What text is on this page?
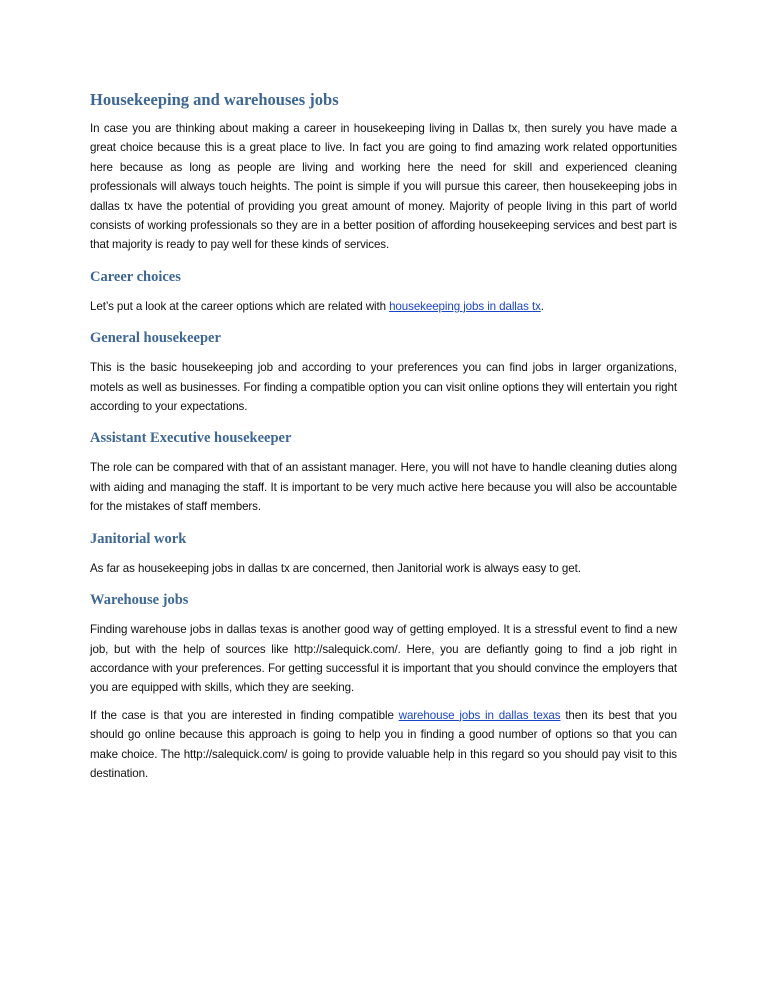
Housekeeping and warehouses jobs

In case you are thinking about making a career in housekeeping living in Dallas tx, then surely you have made a great choice because this is a great place to live. In fact you are going to find amazing work related opportunities here because as long as people are living and working here the need for skill and experienced cleaning professionals will always touch heights. The point is simple if you will pursue this career, then housekeeping jobs in dallas tx have the potential of providing you great amount of money. Majority of people living in this part of world consists of working professionals so they are in a better position of affording housekeeping services and best part is that majority is ready to pay well for these kinds of services.

Career choices

Let’s put a look at the career options which are related with housekeeping jobs in dallas tx.

General housekeeper

This is the basic housekeeping job and according to your preferences you can find jobs in larger organizations, motels as well as businesses. For finding a compatible option you can visit online options they will entertain you right according to your expectations.

Assistant Executive housekeeper

The role can be compared with that of an assistant manager. Here, you will not have to handle cleaning duties along with aiding and managing the staff. It is important to be very much active here because you will also be accountable for the mistakes of staff members.

Janitorial work

As far as housekeeping jobs in dallas tx are concerned, then Janitorial work is always easy to get.

Warehouse jobs

Finding warehouse jobs in dallas texas is another good way of getting employed. It is a stressful event to find a new job, but with the help of sources like http://salequick.com/. Here, you are defiantly going to find a job right in accordance with your preferences. For getting successful it is important that you should convince the employers that you are equipped with skills, which they are seeking.

If the case is that you are interested in finding compatible warehouse jobs in dallas texas then its best that you should go online because this approach is going to help you in finding a good number of options so that you can make choice. The http://salequick.com/ is going to provide valuable help in this regard so you should pay visit to this destination.
